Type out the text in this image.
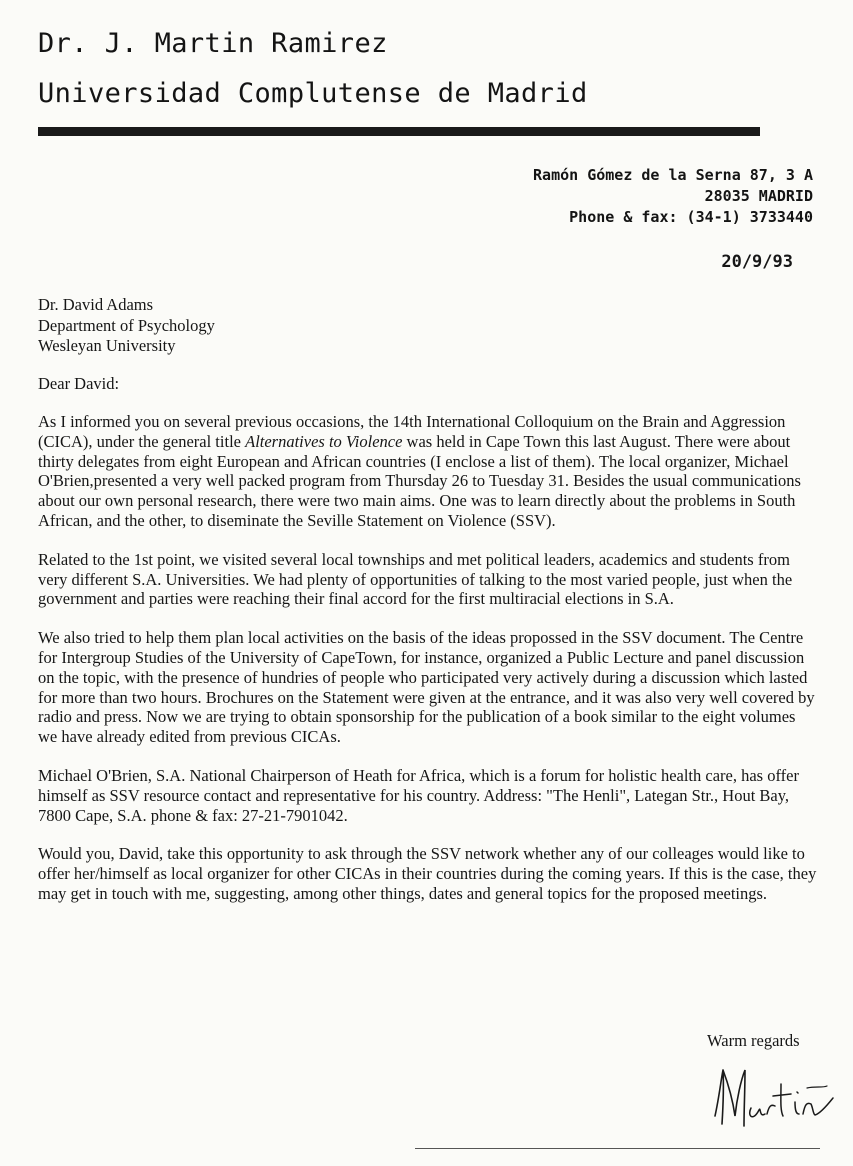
Dr. J. Martin Ramirez
Universidad Complutense de Madrid
Ramón Gómez de la Serna 87, 3 A
28035 MADRID
Phone & fax: (34-1) 3733440
20/9/93
Dr. David Adams
Department of Psychology
Wesleyan University
Dear David:

As I informed you on several previous occasions, the 14th International Colloquium on the Brain and Aggression (CICA), under the general title Alternatives to Violence was held in Cape Town this last August. There were about thirty delegates from eight European and African countries (I enclose a list of them). The local organizer, Michael O'Brien,presented a very well packed program from Thursday 26 to Tuesday 31. Besides the usual communications about our own personal research, there were two main aims. One was to learn directly about the problems in South African, and the other, to diseminate the Seville Statement on Violence (SSV).

Related to the 1st point, we visited several local townships and met political leaders, academics and students from very different S.A. Universities. We had plenty of opportunities of talking to the most varied people, just when the government and parties were reaching their final accord for the first multiracial elections in S.A.

We also tried to help them plan local activities on the basis of the ideas propossed in the SSV document. The Centre for Intergroup Studies of the University of CapeTown, for instance, organized a Public Lecture and panel discussion on the topic, with the presence of hundries of people who participated very actively during a discussion which lasted for more than two hours. Brochures on the Statement were given at the entrance, and it was also very well covered by radio and press. Now we are trying to obtain sponsorship for the publication of a book similar to the eight volumes we have already edited from previous CICAs.

Michael O'Brien, S.A. National Chairperson of Heath for Africa, which is a forum for holistic health care, has offer himself as SSV resource contact and representative for his country. Address: "The Henli", Lategan Str., Hout Bay, 7800 Cape, S.A. phone & fax: 27-21-7901042.

Would you, David, take this opportunity to ask through the SSV network whether any of our colleages would like to offer her/himself as local organizer for other CICAs in their countries during the coming years. If this is the case, they may get in touch with me, suggesting, among other things, dates and general topics for the proposed meetings.

Warm regards
